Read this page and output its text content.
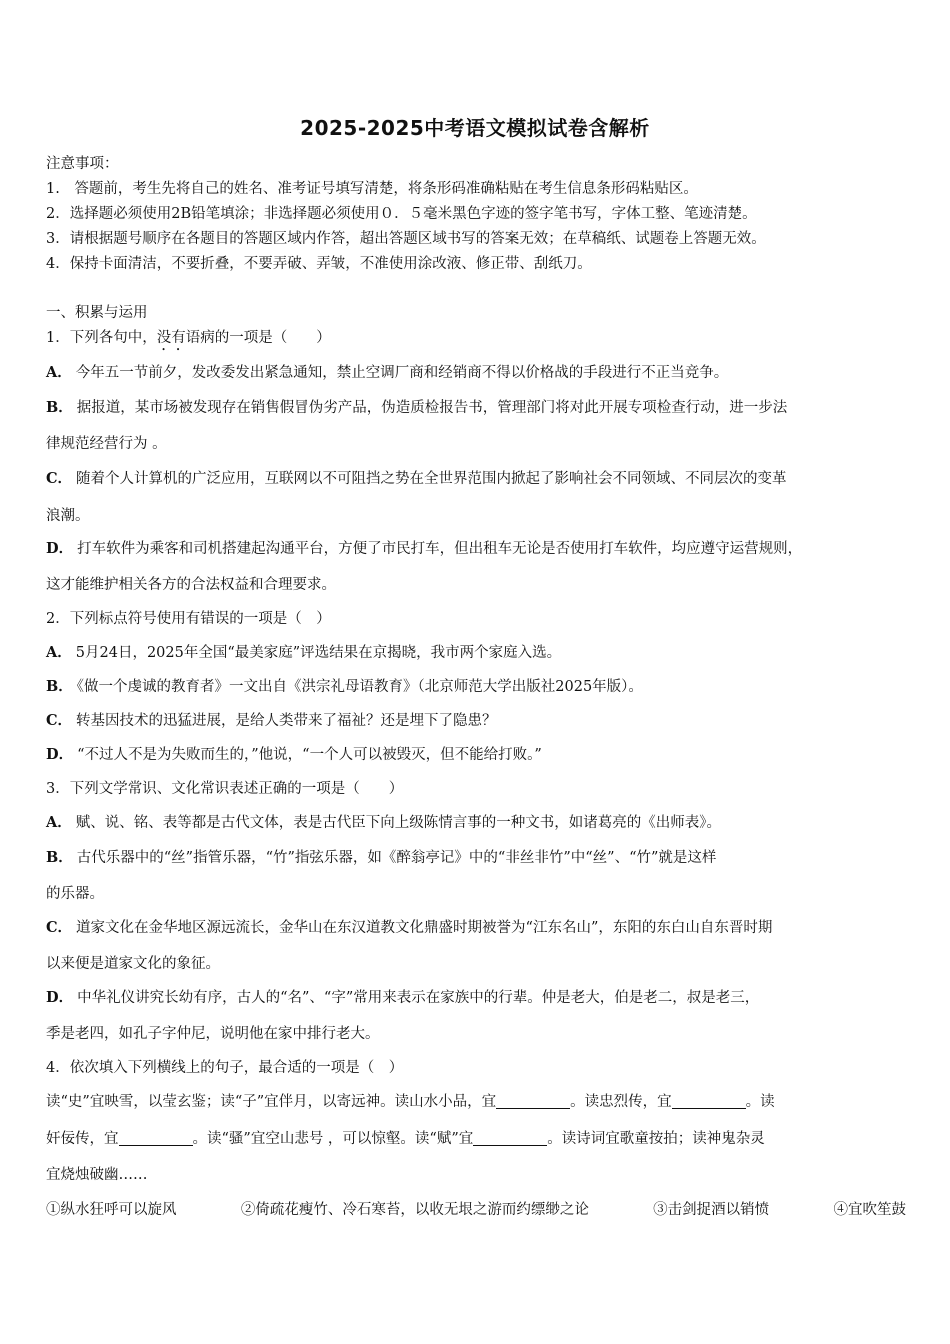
2025-2025中考语文模拟试卷含解析
注意事项：
1.　答题前，考生先将自己的姓名、准考证号填写清楚，将条形码准确粘贴在考生信息条形码粘贴区。
2．选择题必须使用2B铅笔填涂；非选择题必须使用０．５毫米黑色字迹的签字笔书写，字体工整、笔迹清楚。
3．请根据题号顺序在各题目的答题区域内作答，超出答题区域书写的答案无效；在草稿纸、试题卷上答题无效。
4．保持卡面清洁，不要折叠，不要弄破、弄皱，不准使用涂改液、修正带、刮纸刀。
一、积累与运用
1．下列各句中，没有语病的一项是（　　）
A． 今年五一节前夕，发改委发出紧急通知，禁止空调厂商和经销商不得以价格战的手段进行不正当竞争。
B． 据报道，某市场被发现存在销售假冒伪劣产品，伪造质检报告书，管理部门将对此开展专项检查行动，进一步法
律规范经营行为 。
C． 随着个人计算机的广泛应用，互联网以不可阻挡之势在全世界范围内掀起了影响社会不同领域、不同层次的变革
浪潮。
D． 打车软件为乘客和司机搭建起沟通平台，方便了市民打车，但出租车无论是否使用打车软件，均应遵守运营规则，
这才能维护相关各方的合法权益和合理要求。
2．下列标点符号使用有错误的一项是（　）
A． 5月24日，2025年全国“最美家庭”评选结果在京揭晓，我市两个家庭入选。
B． 《做一个虔诚的教育者》一文出自《洪宗礼母语教育》（北京师范大学出版社2025年版）。
C． 转基因技术的迅猛进展，是给人类带来了福祉？还是埋下了隐患？
D． “不过人不是为失败而生的，”他说，“一个人可以被毁灭，但不能给打败。”
3．下列文学常识、文化常识表述正确的一项是（　　）
A． 赋、说、铭、表等都是古代文体，表是古代臣下向上级陈情言事的一种文书，如诸葛亮的《出师表》。
B． 古代乐器中的“丝”指管乐器，“竹”指弦乐器，如《醉翁亭记》中的“非丝非竹”中“丝”、“竹”就是这样
的乐器。
C． 道家文化在金华地区源远流长，金华山在东汉道教文化鼎盛时期被誉为“江东名山”，东阳的东白山自东晋时期
以来便是道家文化的象征。
D． 中华礼仪讲究长幼有序，古人的“名”、“字”常用来表示在家族中的行辈。仲是老大，伯是老二，叔是老三，
季是老四，如孔子字仲尼，说明他在家中排行老大。
4．依次填入下列横线上的句子，最合适的一项是（　）
读“史”宜映雪，以莹玄鉴；读“子”宜伴月，以寄远神。读山水小品，宜	。读忠烈传，宜	。读
奸佞传，宜	。读“骚”宜空山悲号 ，可以惊壑。读“赋”宜	。读诗词宜歌童按拍；读神鬼杂灵
宜烧烛破幽……
①纵水狂呼可以旋风	②倚疏花瘦竹、冷石寒苔，以收无垠之游而约缥缈之论	③击剑捉酒以销愤	④宜吹笙鼓
